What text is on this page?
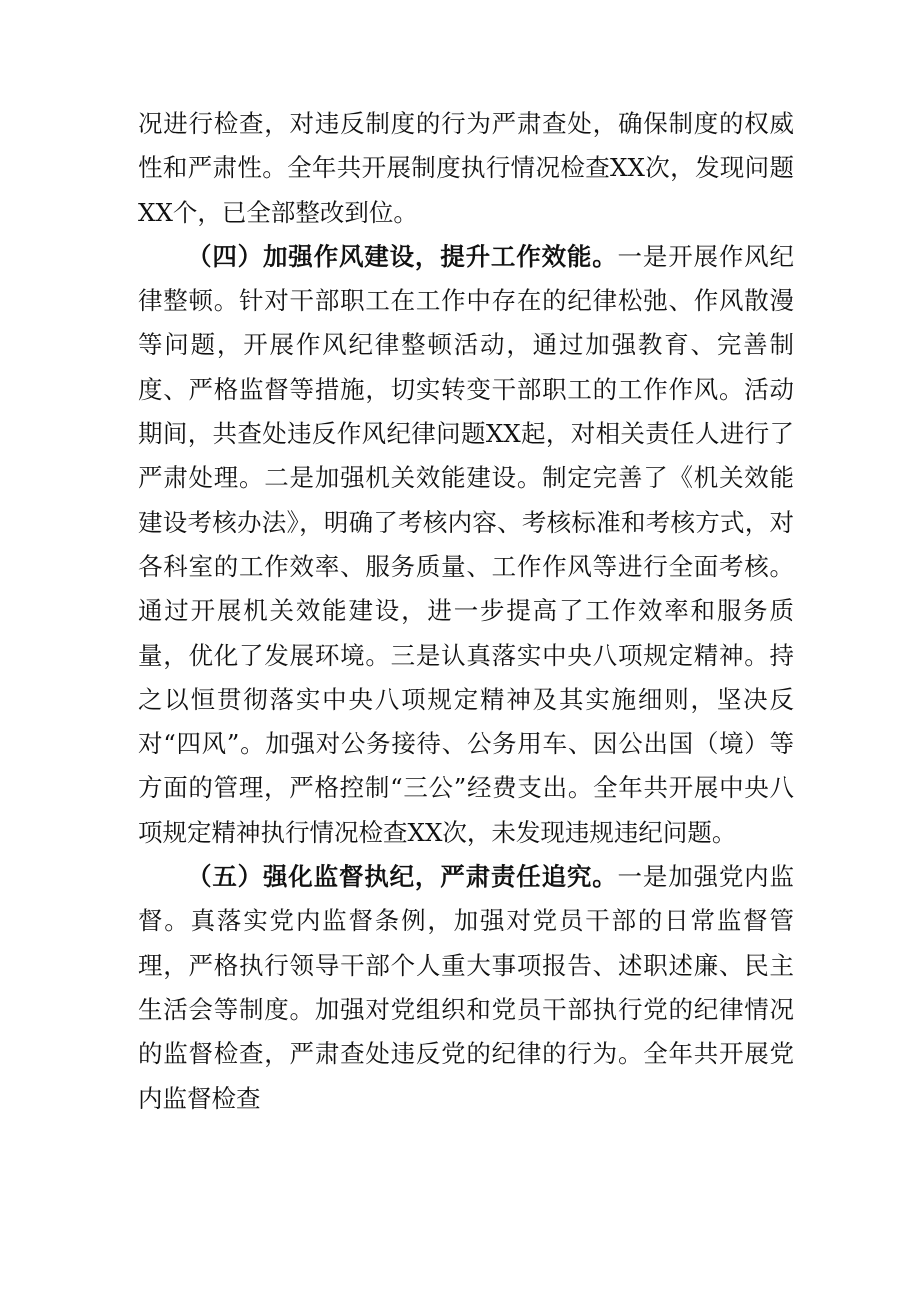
况进行检查，对违反制度的行为严肃查处，确保制度的权威性和严肃性。全年共开展制度执行情况检查XX次，发现问题XX个，已全部整改到位。

（四）加强作风建设，提升工作效能。一是开展作风纪律整顿。针对干部职工在工作中存在的纪律松弛、作风散漫等问题，开展作风纪律整顿活动，通过加强教育、完善制度、严格监督等措施，切实转变干部职工的工作作风。活动期间，共查处违反作风纪律问题XX起，对相关责任人进行了严肃处理。二是加强机关效能建设。制定完善了《机关效能建设考核办法》，明确了考核内容、考核标准和考核方式，对各科室的工作效率、服务质量、工作作风等进行全面考核。通过开展机关效能建设，进一步提高了工作效率和服务质量，优化了发展环境。三是认真落实中央八项规定精神。持之以恒贯彻落实中央八项规定精神及其实施细则，坚决反对“四风”。加强对公务接待、公务用车、因公出国（境）等方面的管理，严格控制“三公”经费支出。全年共开展中央八项规定精神执行情况检查XX次，未发现违规违纪问题。

（五）强化监督执纪，严肃责任追究。一是加强党内监督。真落实党内监督条例，加强对党员干部的日常监督管理，严格执行领导干部个人重大事项报告、述职述廉、民主生活会等制度。加强对党组织和党员干部执行党的纪律情况的监督检查，严肃查处违反党的纪律的行为。全年共开展党内监督检查
